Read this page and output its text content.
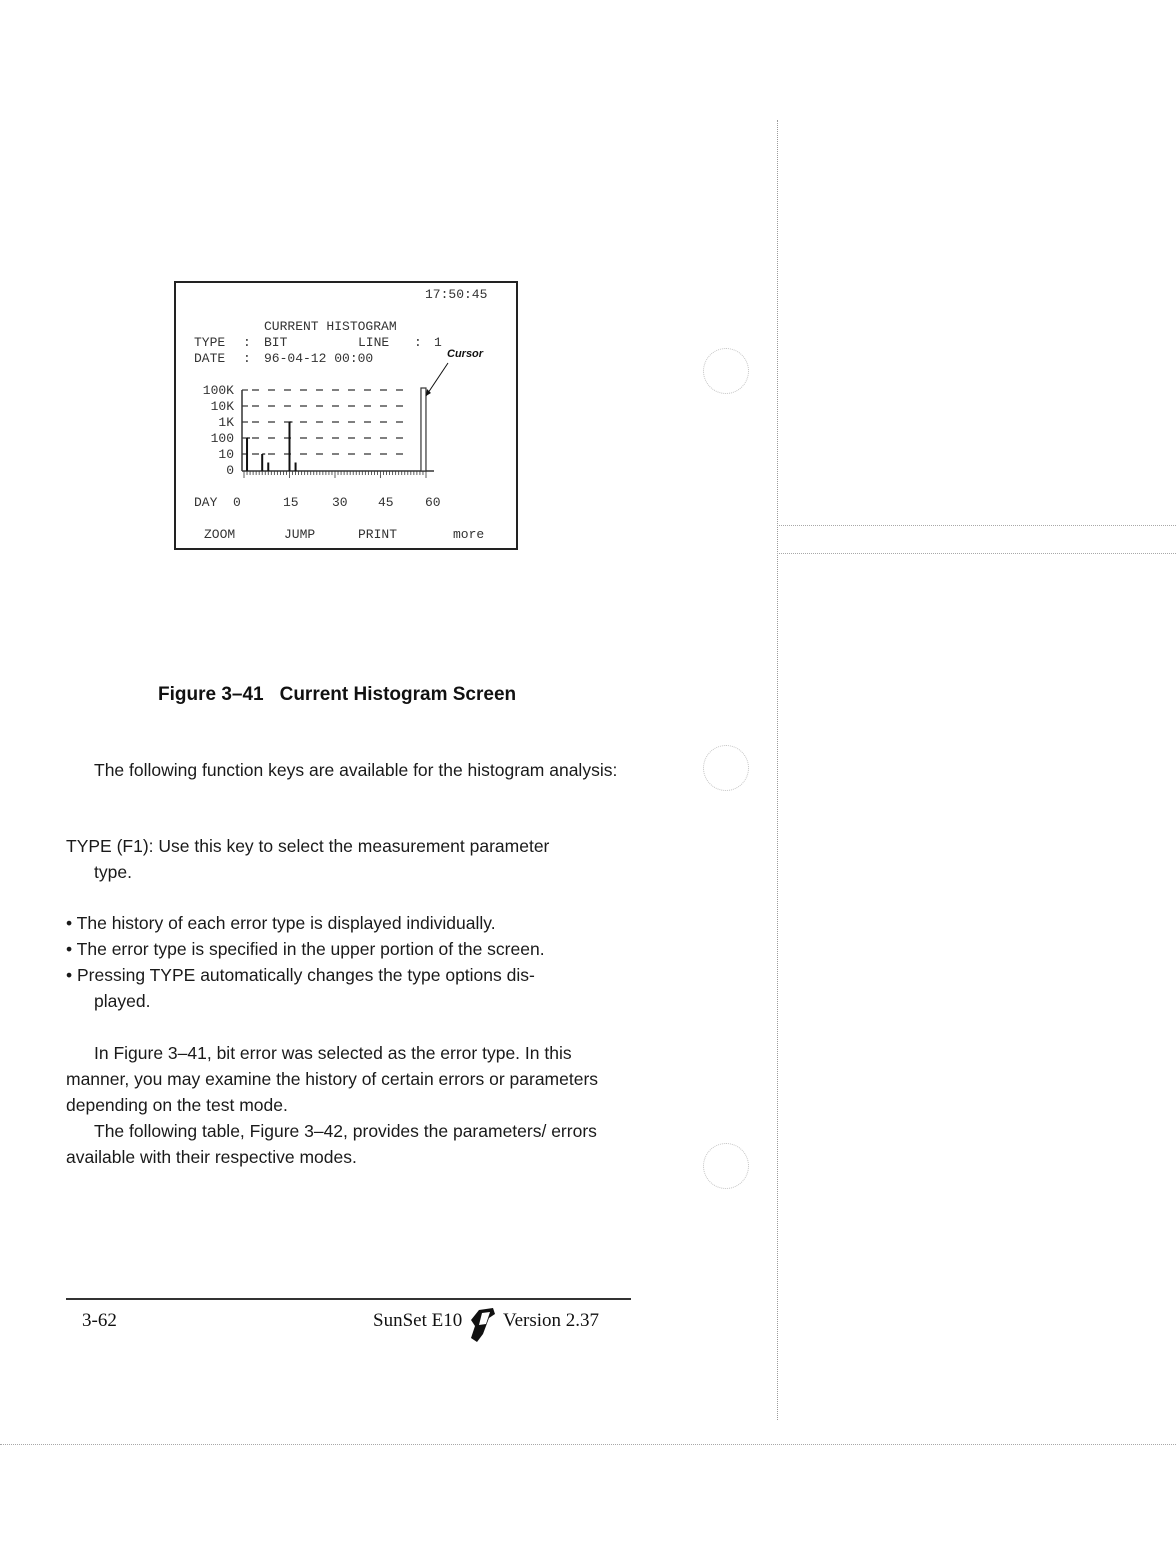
17:50:45
CURRENT HISTOGRAM
TYPE : BIT	LINE : 1
DATE : 96-04-12 00:00
100K
10K
1K
100
10
0
DAY 0	15	30 45 60
ZOOM	JUMP	PRINT	more
Cursor
Figure 3–41 Current Histogram Screen
The following function keys are available for the histogram analysis:
TYPE (F1): Use this key to select the measurement parameter
type.
• The history of each error type is displayed individually.
• The error type is specified in the upper portion of the screen.
• Pressing TYPE automatically changes the type options dis-
played.
In Figure 3–41, bit error was selected as the error type. In this manner, you may examine the history of certain errors or parameters depending on the test mode.
The following table, Figure 3–42, provides the parameters/ errors available with their respective modes.
3-62	SunSet E10 Version 2.37
